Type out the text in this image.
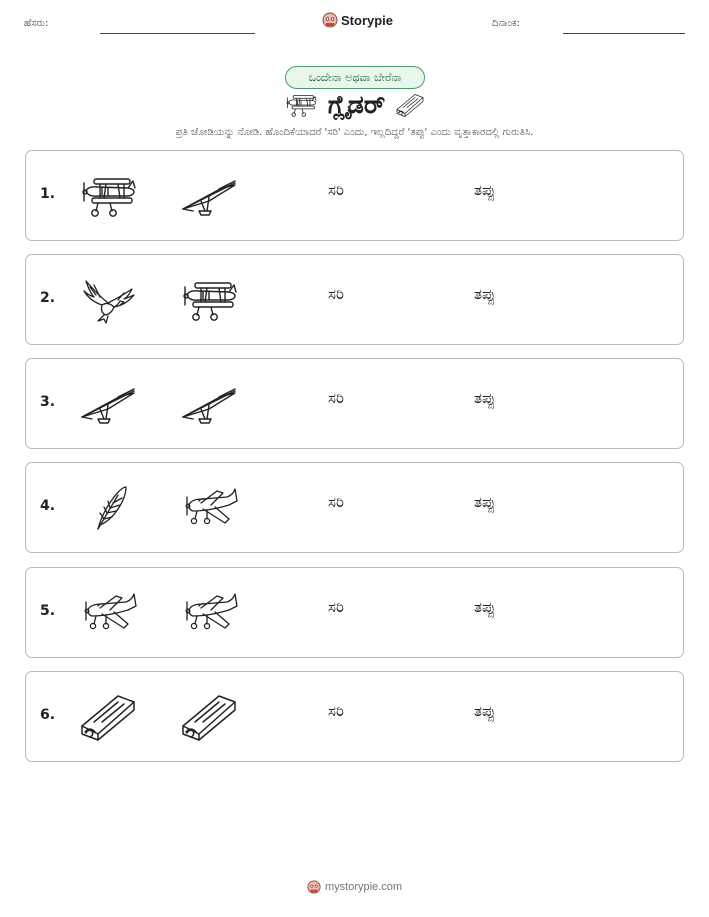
ಹೆಸರು:	Storypie	ದಿನಾಂಕ:
ಒಂದೇನಾ ಅಥವಾ ಬೇರೆನಾ
ಗ್ಲೈಡರ್
ಪ್ರತಿ ಜೋಡಿಯನ್ನು ನೋಡಿ. ಹೊಂದಿಕೆಯಾದರೆ 'ಸರಿ' ಎಂದು, ಇಲ್ಲದಿದ್ದರೆ 'ತಪ್ಪು' ಎಂದು ವೃತ್ತಾಕಾರದಲ್ಲಿ ಗುರುತಿಸಿ.
1.	ಸರಿ	ತಪ್ಪು
2.	ಸರಿ	ತಪ್ಪು
3.	ಸರಿ	ತಪ್ಪು
4.	ಸರಿ	ತಪ್ಪು
5.	ಸರಿ	ತಪ್ಪು
6.	ಸರಿ	ತಪ್ಪು
mystorypie.com
